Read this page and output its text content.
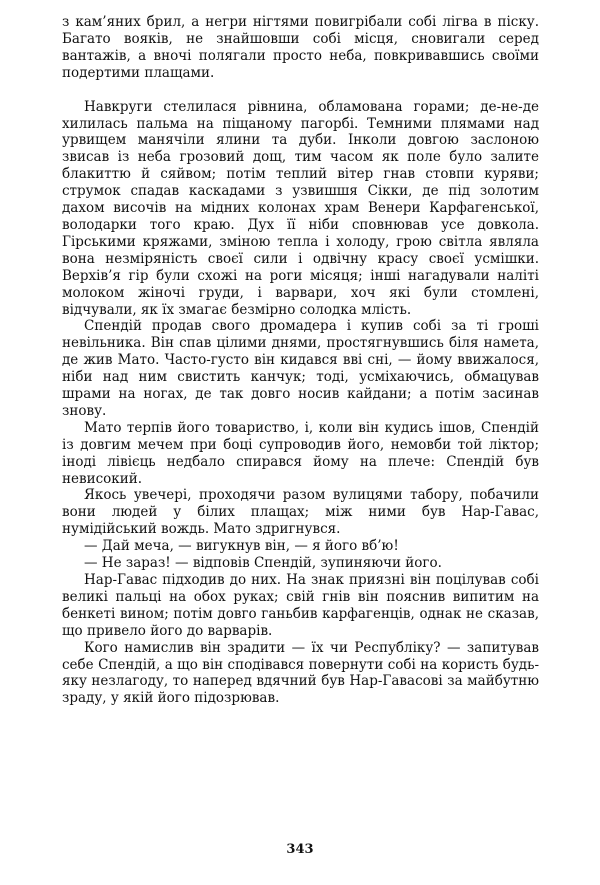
з кам’яних брил, а негри нігтями повигрібали собі лігва в піску. Багато вояків, не знайшовши собі місця, сновигали серед вантажів, а вночі полягали просто неба, повкривавшись своїми подертими плащами.

Навкруги стелилася рівнина, обламована горами; де-не-де хилилась пальма на піщаному пагорбі. Темними плямами над урвищем манячіли ялини та дуби. Інколи довгою заслоною звисав із неба грозовий дощ, тим часом як поле було залите блакиттю й сяйвом; потім теплий вітер гнав стовпи куряви; струмок спадав каскадами з узвишшя Сікки, де під золотим дахом височів на мідних колонах храм Венери Карфагенської, володарки того краю. Дух її ніби сповнював усе довкола. Гірськими кряжами, зміною тепла і холоду, грою світла являла вона незміряність своєї сили і одвічну красу своєї усмішки. Верхів’я гір були схожі на роги місяця; інші нагадували наліті молоком жіночі груди, і варвари, хоч які були стомлені, відчували, як їх змагає безмірно солодка млість.

Спендій продав свого дромадера і купив собі за ті гроші невільника. Він спав цілими днями, простягнувшись біля намета, де жив Мато. Часто-густо він кидався вві сні, — йому ввижалося, ніби над ним свистить канчук; тоді, усміхаючись, обмацував шрами на ногах, де так довго носив кайдани; а потім засинав знову.

Мато терпів його товариство, і, коли він кудись ішов, Спендій із довгим мечем при боці супроводив його, немовби той ліктор; іноді лівієць недбало спирався йому на плече: Спендій був невисокий.

Якось увечері, проходячи разом вулицями табору, побачили вони людей у білих плащах; між ними був Нар-Гавас, нумідійський вождь. Мато здригнувся.

— Дай меча, — вигукнув він, — я його вб’ю!

— Не зараз! — відповів Спендій, зупиняючи його.

Нар-Гавас підходив до них. На знак приязні він поцілував собі великі пальці на обох руках; свій гнів він пояснив випитим на бенкеті вином; потім довго ганьбив карфагенців, однак не сказав, що привело його до варварів.

Кого намислив він зрадити — їх чи Республіку? — запитував себе Спендій, а що він сподівався повернути собі на користь будь-яку незлагоду, то наперед вдячний був Нар-Гавасові за майбутню зраду, у якій його підозрював.

343
